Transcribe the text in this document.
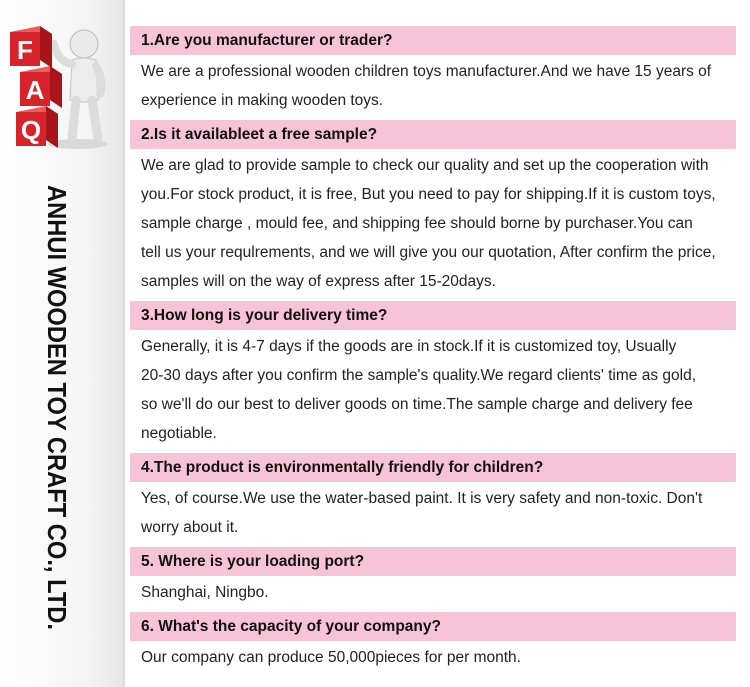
F
A
Q
ANHUI WOODEN TOY CRAFT CO., LTD.
1.Are you manufacturer or trader?
We are a professional wooden children toys manufacturer.And we have 15 years of
experience in making wooden toys.
2.Is it availableet a free sample?
We are glad to provide sample to check our quality and set up the cooperation with
you.For stock product, it is free, But you need to pay for shipping.If it is custom toys,
sample charge , mould fee, and shipping fee should borne by purchaser.You can
tell us your requlrements, and we will give you our quotation, After confirm the price,
samples will on the way of express after 15-20days.
3.How long is your delivery time?
Generally, it is 4-7 days if the goods are in stock.If it is customized toy, Usually
20-30 days after you confirm the sample's quality.We regard clients' time as gold,
so we'll do our best to deliver goods on time.The sample charge and delivery fee
negotiable.
4.The product is environmentally friendly for children?
Yes, of course.We use the water-based paint. It is very safety and non-toxic. Don't
worry about it.
5. Where is your loading port?
Shanghai, Ningbo.
6. What's the capacity of your company?
Our company can produce 50,000pieces for per month.
